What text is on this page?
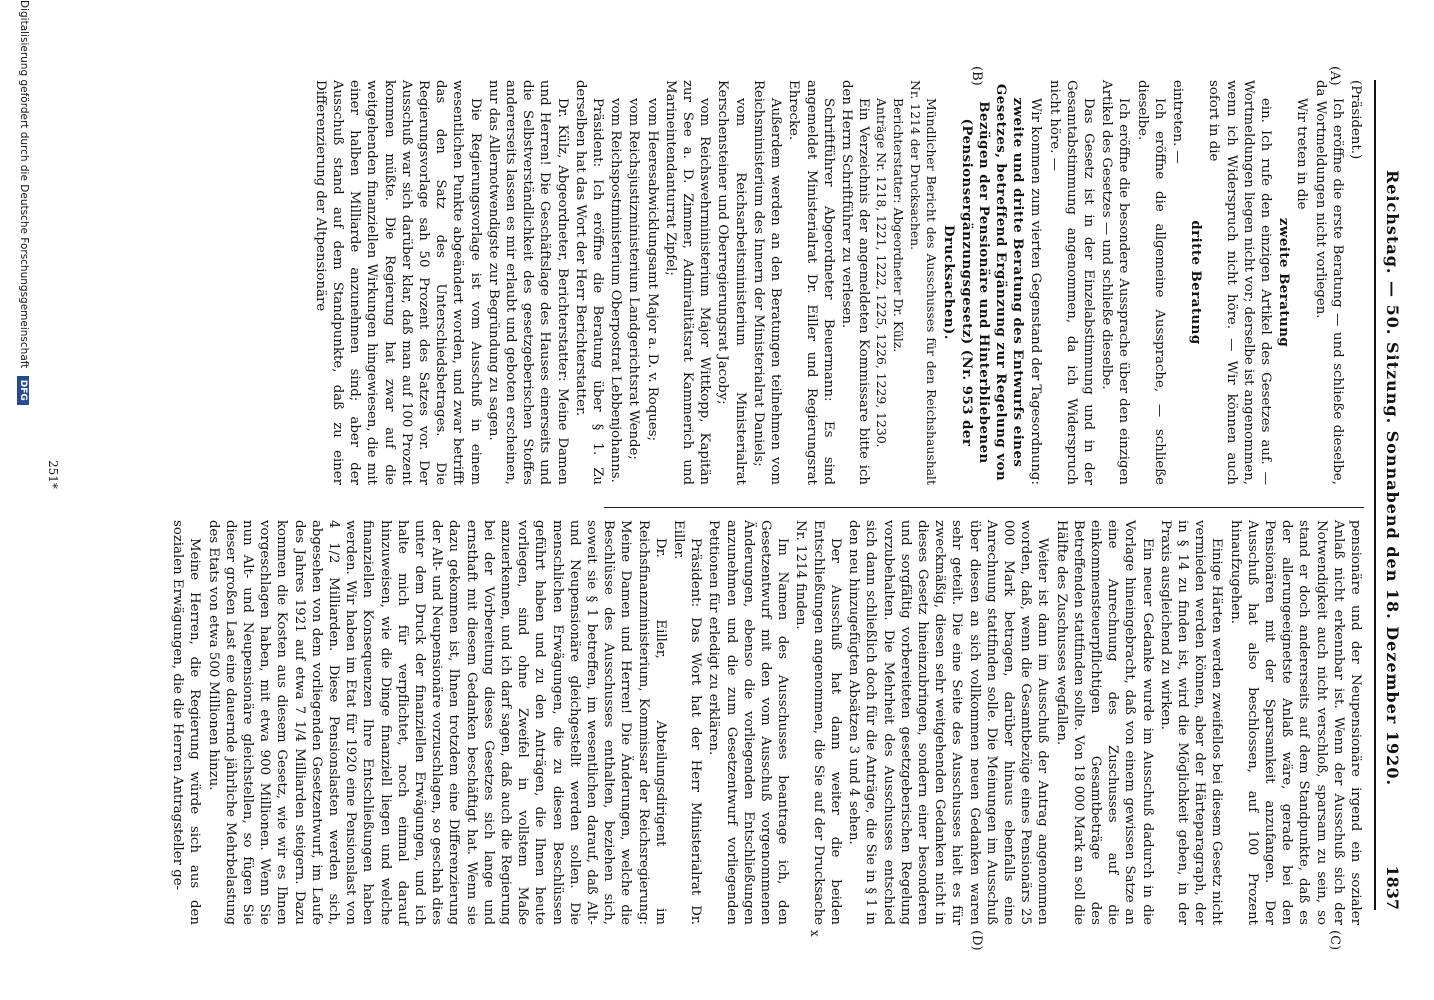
Reichstag. — 50. Sitzung. Sonnabend den 18. Dezember 1920.
1837
(A)
(B)
(C)
(D)
x

(Präsident.)

Ich eröffne die erste Beratung — und schließe dieselbe, da Wortmeldungen nicht vorliegen.

Wir treten in die

zweite Beratung

ein. Ich rufe den einzigen Artikel des Gesetzes auf. — Wortmeldungen liegen nicht vor; derselbe ist angenommen, wenn ich Widerspruch nicht höre. — Wir können auch sofort in die

dritte Beratung

eintreten. —

Ich eröffne die allgemeine Aussprache, — schließe dieselbe.

Ich eröffne die besondere Aussprache über den einzigen Artikel des Gesetzes — und schließe dieselbe.

Das Gesetz ist in der Einzelabstimmung und in der Gesamtabstimmung angenommen, da ich Widerspruch nicht höre. —

Wir kommen zum vierten Gegenstand der Tagesordnung:

zweite und dritte Beratung des Entwurfs eines Gesetzes, betreffend Ergänzung zur Regelung von Bezügen der Pensionäre und Hinterbliebenen (Pensionsergänzungsgesetz) (Nr. 953 der Drucksachen).

Mündlicher Bericht des Ausschusses für den Reichshaushalt Nr. 1214 der Drucksachen.

Berichterstatter: Abgeordneter Dr. Külz.

Anträge Nr. 1218, 1221, 1222, 1225, 1226, 1229, 1230.

Ein Verzeichnis der angemeldeten Kommissare bitte ich den Herrn Schriftführer zu verlesen.

Schriftführer Abgeordneter Beuermann: Es sind angemeldet Ministerialrat Dr. Eiller und Regierungsrat Ehrecke.

Außerdem werden an den Beratungen teilnehmen vom Reichsministerium des Innern der Ministerialrat Daniels;

vom Reichsarbeitsministerium Ministerialrat Kerschensteiner und Oberregierungsrat Jacoby;

vom Reichswehrministerium Major Wittkopp, Kapitän zur See a. D. Zimmer, Admiralitätsrat Kammerich und Marineintendanturrat Zipfel;

vom Heeresabwicklungsamt Major a. D. v. Roques;

vom Reichsjustizministerium Landgerichtsrat Wende;

vom Reichspostministerium Oberpostrat Lebbenjohanns.

Präsident: Ich eröffne die Beratung über § 1. Zu derselben hat das Wort der Herr Berichterstatter.

Dr. Külz, Abgeordneter, Berichterstatter: Meine Damen und Herren! Die Geschäftslage des Hauses einerseits und die Selbstverständlichkeit des gesetzgeberischen Stoffes andererseits lassen es mir erlaubt und geboten erscheinen, nur das Allernotwendigste zur Begründung zu sagen.

Die Regierungsvorlage ist vom Ausschuß in einem wesentlichen Punkte abgeändert worden, und zwar betrifft das den Satz des Unterschiedsbetrages. Die Regierungsvorlage sah 50 Prozent des Satzes vor. Der Ausschuß war sich darüber klar, daß man auf 100 Prozent kommen müßte. Die Regierung hat zwar auf die weitgehenden finanziellen Wirkungen hingewiesen, die mit einer halben Milliarde anzunehmen sind; aber der Ausschuß stand auf dem Standpunkte, daß zu einer Differenzierung der Altpensionäre

pensionäre und der Neupensionäre irgend ein sozialer Anlaß nicht erkennbar ist. Wenn der Ausschuß sich der Notwendigkeit auch nicht verschloß, sparsam zu sein, so stand er doch andererseits auf dem Standpunkte, daß es der allerungeeignetste Anlaß wäre, gerade bei den Pensionären mit der Sparsamkeit anzufangen. Der Ausschuß hat also beschlossen, auf 100 Prozent hinaufzugehen.

Einige Härten werden zweifellos bei diesem Gesetz nicht vermieden werden können, aber der Härteparagraph, der in § 14 zu finden ist, wird die Möglichkeit geben, in der Praxis ausgleichend zu wirken.

Ein neuer Gedanke wurde im Ausschuß dadurch in die Vorlage hineingebracht, daß von einem gewissen Satze an eine Anrechnung des Zuschusses auf die einkommensteuerpflichtigen Gesamtbeträge des Betreffenden stattfinden sollte. Von 18 000 Mark an soll die Hälfte des Zuschusses wegfallen.

Weiter ist dann im Ausschuß der Antrag angenommen worden, daß, wenn die Gesamtbezüge eines Pensionärs 25 000 Mark betragen, darüber hinaus ebenfalls eine Anrechnung stattfinden solle. Die Meinungen im Ausschuß über diesen an sich vollkommen neuen Gedanken waren sehr geteilt. Die eine Seite des Ausschusses hielt es für zweckmäßig, diesen sehr weitgehenden Gedanken nicht in dieses Gesetz hineinzubringen, sondern einer besonderen und sorgfältig vorbereiteten gesetzgeberischen Regelung vorzubehalten. Die Mehrheit des Ausschusses entschied sich dann schließlich doch für die Anträge, die Sie in § 1 in den neu hinzugefügten Absätzen 3 und 4 sehen.

Der Ausschuß hat dann weiter die beiden Entschließungen angenommen, die Sie auf der Drucksache Nr. 1214 finden.

Im Namen des Ausschusses beantrage ich, den Gesetzentwurf mit den vom Ausschuß vorgenommenen Änderungen, ebenso die vorliegenden Entschließungen anzunehmen und die zum Gesetzentwurf vorliegenden Petitionen für erledigt zu erklären.

Präsident: Das Wort hat der Herr Ministerialrat Dr. Eiller.

Dr. Eiller, Abteilungsdirigent im Reichsfinanzministerium, Kommissar der Reichsregierung: Meine Damen und Herren! Die Änderungen, welche die Beschlüsse des Ausschusses enthalten, beziehen sich, soweit sie § 1 betreffen, im wesentlichen darauf, daß Alt- und Neupensionäre gleichgestellt werden sollen. Die menschlichen Erwägungen, die zu diesen Beschlüssen geführt haben und zu den Anträgen, die Ihnen heute vorliegen, sind ohne Zweifel in vollstem Maße anzuerkennen, und ich darf sagen, daß auch die Regierung bei der Vorbereitung dieses Gesetzes sich lange und ernsthaft mit diesem Gedanken beschäftigt hat. Wenn sie dazu gekommen ist, Ihnen trotzdem eine Differenzierung der Alt- und Neupensionäre vorzuschlagen, so geschah dies unter dem Druck der finanziellen Erwägungen, und ich halte mich für verpflichtet, noch einmal darauf hinzuweisen, wie die Dinge finanziell liegen und welche finanziellen Konsequenzen Ihre Entschließungen haben werden. Wir haben im Etat für 1920 eine Pensionslast von 4 1/2 Milliarden. Diese Pensionslasten werden sich, abgesehen von dem vorliegenden Gesetzentwurf, im Laufe des Jahres 1921 auf etwa 7 1/4 Milliarden steigern. Dazu kommen die Kosten aus diesem Gesetz, wie wir es Ihnen vorgeschlagen haben, mit etwa 900 Millionen. Wenn Sie nun Alt- und Neupensionäre gleichstellen, so fügen Sie dieser großen Last eine dauernde jährliche Mehrbelastung des Etats von etwa 500 Millionen hinzu.

Meine Herren, die Regierung würde sich aus den sozialen Erwägungen, die die Herren Antragsteller ge-

251*
Digitalisierung gefördert durch die Deutsche Forschungsgemeinschaft DFG
